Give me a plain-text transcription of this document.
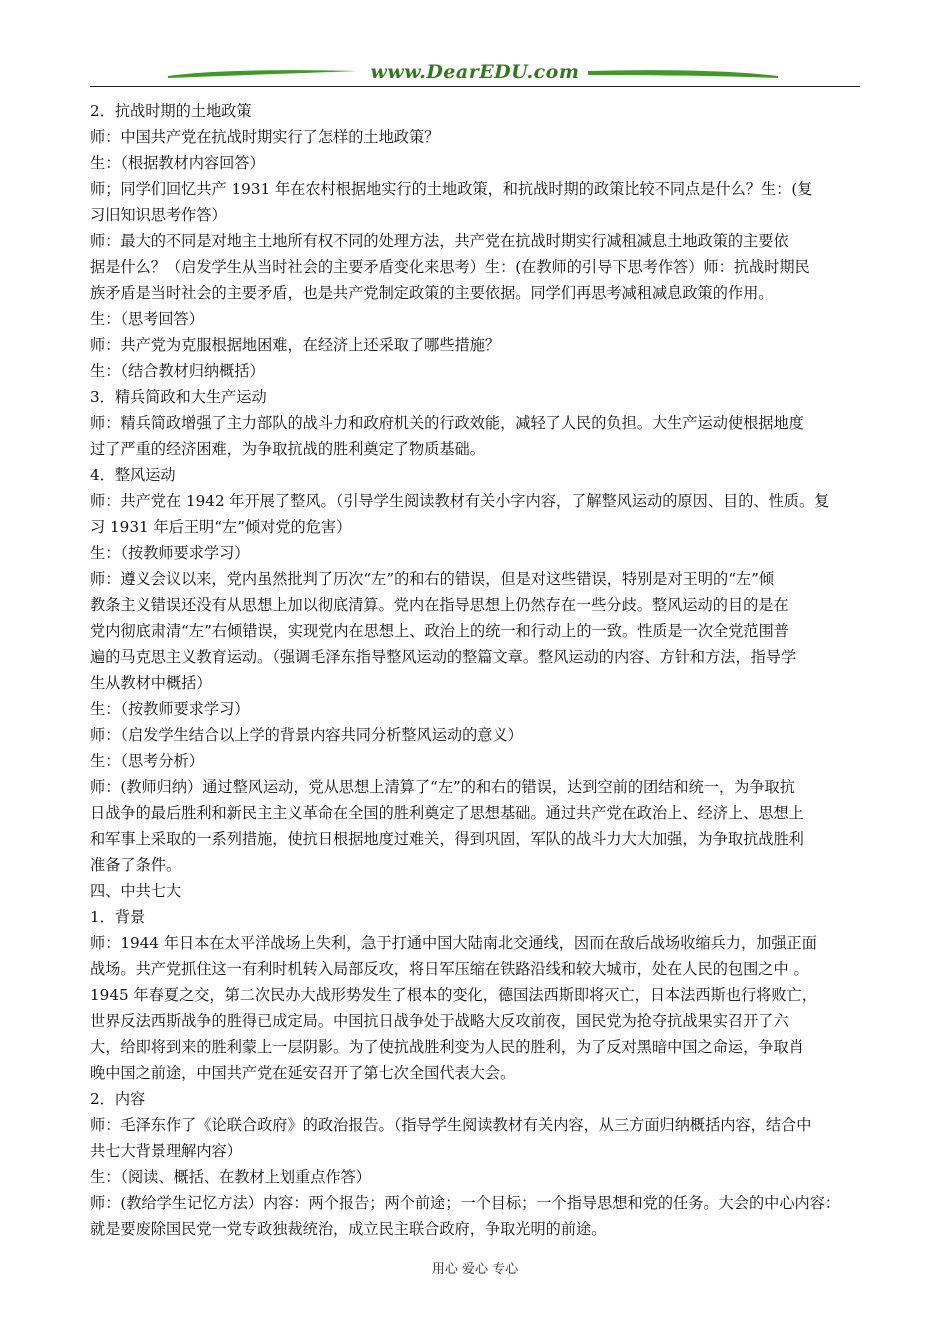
www.DearEDU.com

2．抗战时期的土地政策

师：中国共产党在抗战时期实行了怎样的土地政策？

生：（根据教材内容回答）

师；同学们回忆共产 1931 年在农村根据地实行的土地政策，和抗战时期的政策比较不同点是什么？生：(复

习旧知识思考作答）

师：最大的不同是对地主土地所有权不同的处理方法，共产党在抗战时期实行减租减息土地政策的主要依

据是什么？（启发学生从当时社会的主要矛盾变化来思考）生：(在教师的引导下思考作答）师：抗战时期民

族矛盾是当时社会的主要矛盾，也是共产党制定政策的主要依据。同学们再思考减租减息政策的作用。

生：（思考回答）

师：共产党为克服根据地困难，在经济上还采取了哪些措施？

生：（结合教材归纳概括）

3．精兵简政和大生产运动

师：精兵简政增强了主力部队的战斗力和政府机关的行政效能，减轻了人民的负担。大生产运动使根据地度

过了严重的经济困难，为争取抗战的胜利奠定了物质基础。

4．整风运动

师：共产党在 1942 年开展了整风。（引导学生阅读教材有关小字内容，了解整风运动的原因、目的、性质。复

习 1931 年后王明“左”倾对党的危害）

生：（按教师要求学习）

师：遵义会议以来，党内虽然批判了历次“左”的和右的错误，但是对这些错误，特别是对王明的“左”倾

教条主义错误还没有从思想上加以彻底清算。党内在指导思想上仍然存在一些分歧。整风运动的目的是在

党内彻底肃清“左”右倾错误，实现党内在思想上、政治上的统一和行动上的一致。性质是一次全党范围普

遍的马克思主义教育运动。（强调毛泽东指导整风运动的整篇文章。整风运动的内容、方针和方法，指导学

生从教材中概括）

生：（按教师要求学习）

师：（启发学生结合以上学的背景内容共同分析整风运动的意义）

生：（思考分析）

师：(教师归纳）通过整风运动，党从思想上清算了“左”的和右的错误，达到空前的团结和统一，为争取抗

日战争的最后胜利和新民主主义革命在全国的胜利奠定了思想基础。通过共产党在政治上、经济上、思想上

和军事上采取的一系列措施，使抗日根据地度过难关，得到巩固，军队的战斗力大大加强，为争取抗战胜利

准备了条件。

四、中共七大

1．背景

师：1944 年日本在太平洋战场上失利，急于打通中国大陆南北交通线，因而在敌后战场收缩兵力，加强正面

战场。共产党抓住这一有利时机转入局部反攻，将日军压缩在铁路沿线和较大城市，处在人民的包围之中 。

1945 年春夏之交，第二次民办大战形势发生了根本的变化，德国法西斯即将灭亡，日本法西斯也行将败亡，

世界反法西斯战争的胜得已成定局。中国抗日战争处于战略大反攻前夜，国民党为抢夺抗战果实召开了六

大，给即将到来的胜利蒙上一层阴影。为了使抗战胜利变为人民的胜利，为了反对黑暗中国之命运，争取肖

晚中国之前途，中国共产党在延安召开了第七次全国代表大会。

2．内容

师：毛泽东作了《论联合政府》的政治报告。（指导学生阅读教材有关内容，从三方面归纳概括内容，结合中

共七大背景理解内容）

生：（阅读、概括、在教材上划重点作答）

师：(教给学生记忆方法）内容：两个报告；两个前途；一个目标；一个指导思想和党的任务。大会的中心内容：

就是要废除国民党一党专政独裁统治，成立民主联合政府，争取光明的前途。

用心 爱心 专心
